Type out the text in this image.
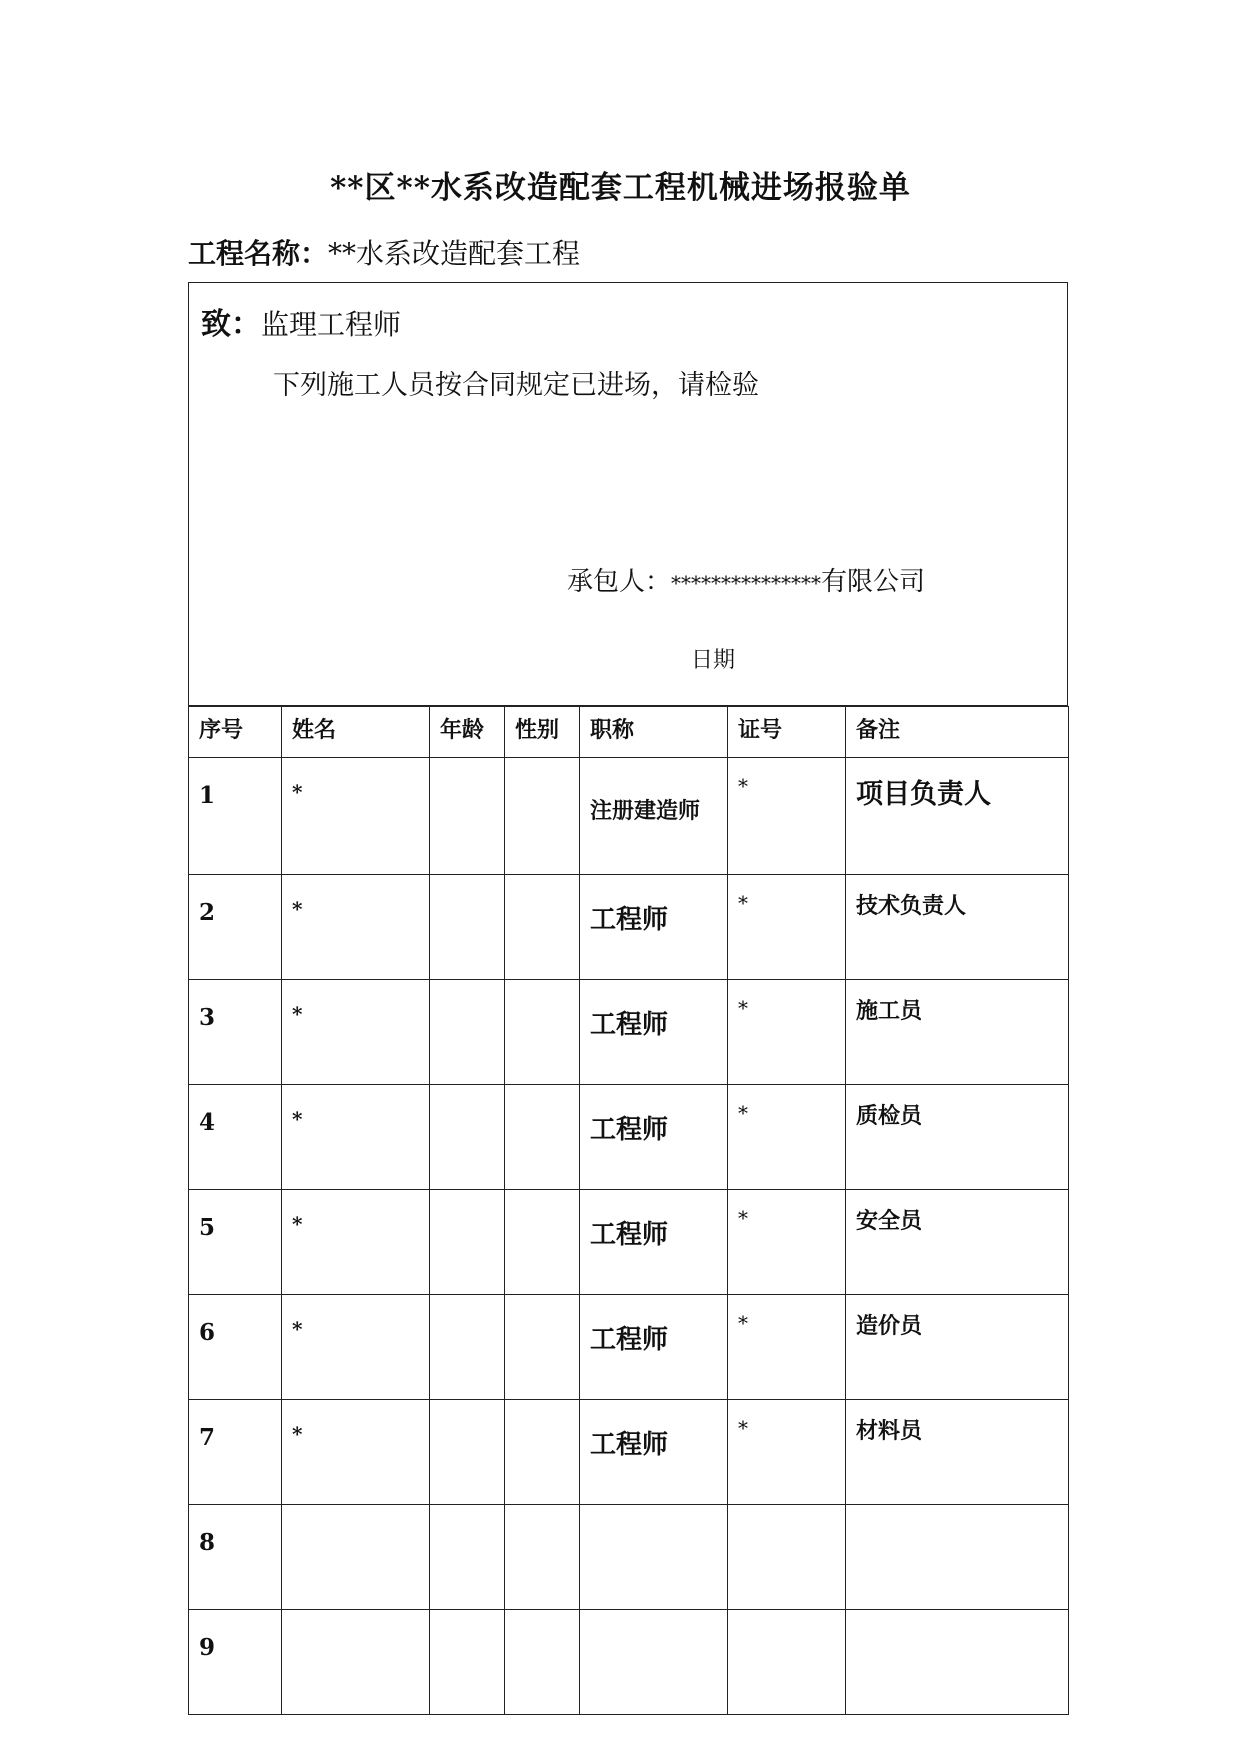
**区**水系改造配套工程机械进场报验单
工程名称：**水系改造配套工程
致：监理工程师
下列施工人员按合同规定已进场，请检验
承包人：***************有限公司
日期
序号	姓名	年龄	性别	职称	证号	备注
1	*			注册建造师	*	项目负责人
2	*			工程师	*	技术负责人
3	*			工程师	*	施工员
4	*			工程师	*	质检员
5	*			工程师	*	安全员
6	*			工程师	*	造价员
7	*			工程师	*	材料员
8						
9						
